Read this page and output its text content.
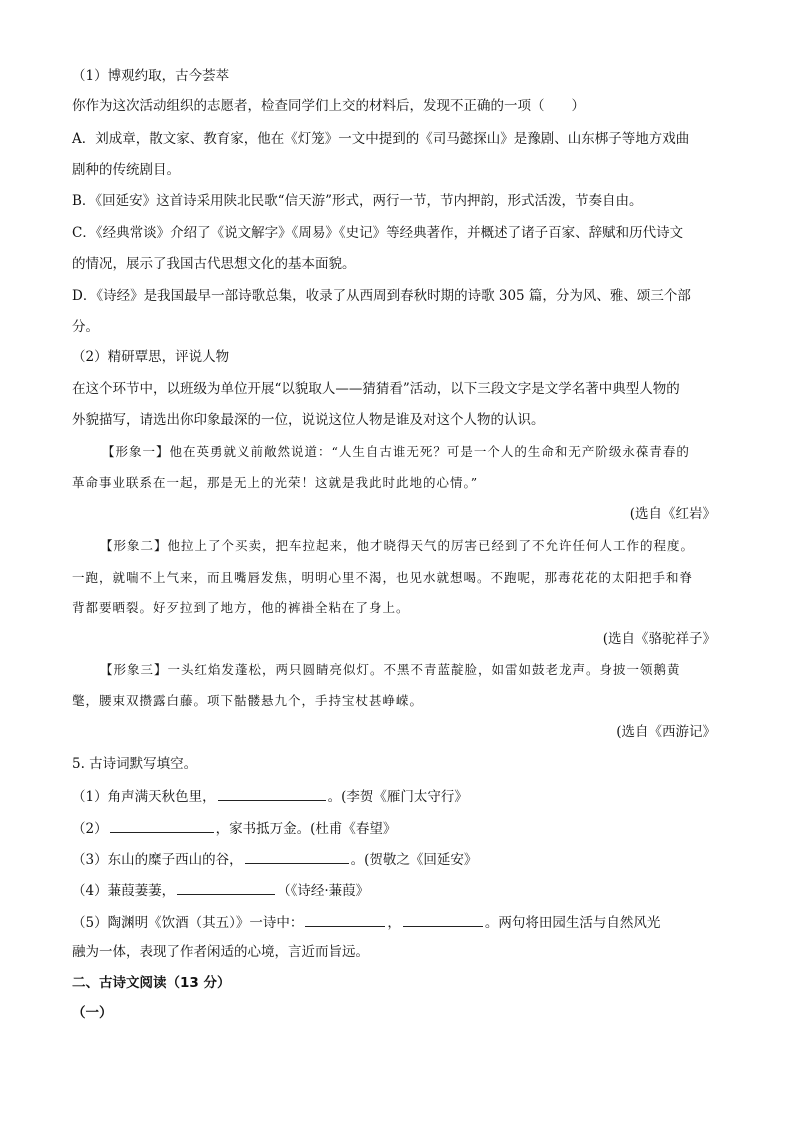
（1）博观约取，古今荟萃
你作为这次活动组织的志愿者，检查同学们上交的材料后，发现不正确的一项（　　）
A．刘成章，散文家、教育家，他在《灯笼》一文中提到的《司马懿探山》是豫剧、山东梆子等地方戏曲
剧种的传统剧目。
B．《回延安》这首诗采用陕北民歌“信天游”形式，两行一节，节内押韵，形式活泼，节奏自由。
C．《经典常谈》介绍了《说文解字》《周易》《史记》等经典著作，并概述了诸子百家、辞赋和历代诗文
的情况，展示了我国古代思想文化的基本面貌。
D．《诗经》是我国最早一部诗歌总集，收录了从西周到春秋时期的诗歌 305 篇，分为风、雅、颂三个部
分。
（2）精研覃思，评说人物
在这个环节中，以班级为单位开展“以貌取人——猜猜看”活动，以下三段文字是文学名著中典型人物的
外貌描写，请选出你印象最深的一位，说说这位人物是谁及对这个人物的认识。
【形象一】他在英勇就义前敞然说道：“人生自古谁无死？可是一个人的生命和无产阶级永葆青春的
革命事业联系在一起，那是无上的光荣！这就是我此时此地的心情。”
(选自《红岩》
【形象二】他拉上了个买卖，把车拉起来，他才晓得天气的厉害已经到了不允许任何人工作的程度。
一跑，就喘不上气来，而且嘴唇发焦，明明心里不渴，也见水就想喝。不跑呢，那毒花花的太阳把手和脊
背都要晒裂。好歹拉到了地方，他的裤褂全粘在了身上。
(选自《骆驼祥子》
【形象三】一头红焰发蓬松，两只圆睛亮似灯。不黑不青蓝靛脸，如雷如鼓老龙声。身披一领鹅黄
氅，腰束双攒露白藤。项下骷髅悬九个，手持宝杖甚峥嵘。
(选自《西游记》
5. 古诗词默写填空。
（1）角声满天秋色里，	。(李贺《雁门太守行》
（2）	，家书抵万金。(杜甫《春望》
（3）东山的糜子西山的谷，	。(贺敬之《回延安》
（4）蒹葭萋萋，	（《诗经·蒹葭》
（5）陶渊明《饮酒（其五）》一诗中：	，	。两句将田园生活与自然风光
融为一体，表现了作者闲适的心境，言近而旨远。
二、古诗文阅读（13 分）
（一）
